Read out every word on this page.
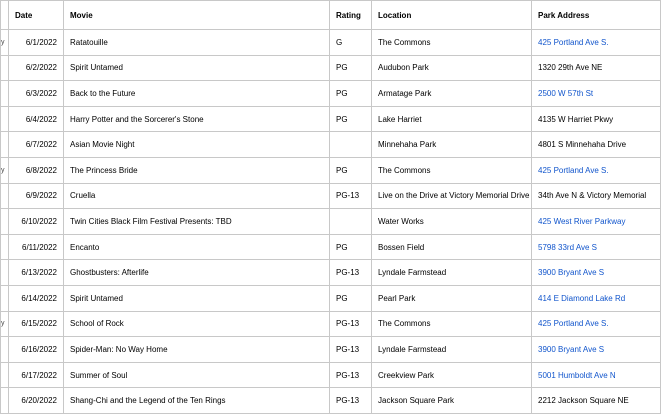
	Date	Movie	Rating	Location	Park Address
y	6/1/2022	Ratatouille	G	The Commons	425 Portland Ave S.
	6/2/2022	Spirit Untamed	PG	Audubon Park	1320 29th Ave NE
	6/3/2022	Back to the Future	PG	Armatage Park	2500 W 57th St
	6/4/2022	Harry Potter and the Sorcerer's Stone	PG	Lake Harriet	4135 W Harriet Pkwy
	6/7/2022	Asian Movie Night		Minnehaha Park	4801 S Minnehaha Drive
y	6/8/2022	The Princess Bride	PG	The Commons	425 Portland Ave S.
	6/9/2022	Cruella	PG-13	Live on the Drive at Victory Memorial Drive	34th Ave N & Victory Memorial
	6/10/2022	Twin Cities Black Film Festival Presents: TBD		Water Works	425 West River Parkway
	6/11/2022	Encanto	PG	Bossen Field	5798 33rd Ave S
	6/13/2022	Ghostbusters: Afterlife	PG-13	Lyndale Farmstead	3900 Bryant Ave S
	6/14/2022	Spirit Untamed	PG	Pearl Park	414 E Diamond Lake Rd
y	6/15/2022	School of Rock	PG-13	The Commons	425 Portland Ave S.
	6/16/2022	Spider-Man: No Way Home	PG-13	Lyndale Farmstead	3900 Bryant Ave S
	6/17/2022	Summer of Soul	PG-13	Creekview Park	5001 Humboldt Ave N
	6/20/2022	Shang-Chi and the Legend of the Ten Rings	PG-13	Jackson Square Park	2212 Jackson Square NE
